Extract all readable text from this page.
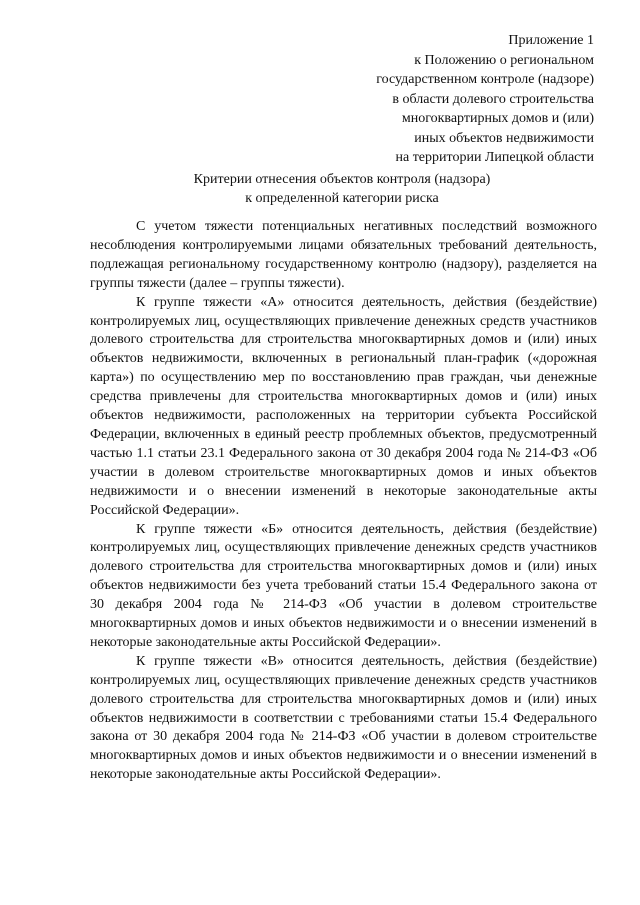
Приложение 1
к Положению о региональном
государственном контроле (надзоре)
в области долевого строительства
многоквартирных домов и (или)
иных объектов недвижимости
на территории Липецкой области
Критерии отнесения объектов контроля (надзора)
к определенной категории риска

С учетом тяжести потенциальных негативных последствий возможного несоблюдения контролируемыми лицами обязательных требований деятельность, подлежащая региональному государственному контролю (надзору), разделяется на группы тяжести (далее – группы тяжести).

К группе тяжести «А» относится деятельность, действия (бездействие) контролируемых лиц, осуществляющих привлечение денежных средств участников долевого строительства для строительства многоквартирных домов и (или) иных объектов недвижимости, включенных в региональный план-график («дорожная карта») по осуществлению мер по восстановлению прав граждан, чьи денежные средства привлечены для строительства многоквартирных домов и (или) иных объектов недвижимости, расположенных на территории субъекта Российской Федерации, включенных в единый реестр проблемных объектов, предусмотренный частью 1.1 статьи 23.1 Федерального закона от 30 декабря 2004 года № 214-ФЗ «Об участии в долевом строительстве многоквартирных домов и иных объектов недвижимости и о внесении изменений в некоторые законодательные акты Российской Федерации».

К группе тяжести «Б» относится деятельность, действия (бездействие) контролируемых лиц, осуществляющих привлечение денежных средств участников долевого строительства для строительства многоквартирных домов и (или) иных объектов недвижимости без учета требований статьи 15.4 Федерального закона от 30 декабря 2004 года № 214-ФЗ «Об участии в долевом строительстве многоквартирных домов и иных объектов недвижимости и о внесении изменений в некоторые законодательные акты Российской Федерации».

К группе тяжести «В» относится деятельность, действия (бездействие) контролируемых лиц, осуществляющих привлечение денежных средств участников долевого строительства для строительства многоквартирных домов и (или) иных объектов недвижимости в соответствии с требованиями статьи 15.4 Федерального закона от 30 декабря 2004 года № 214-ФЗ «Об участии в долевом строительстве многоквартирных домов и иных объектов недвижимости и о внесении изменений в некоторые законодательные акты Российской Федерации».
